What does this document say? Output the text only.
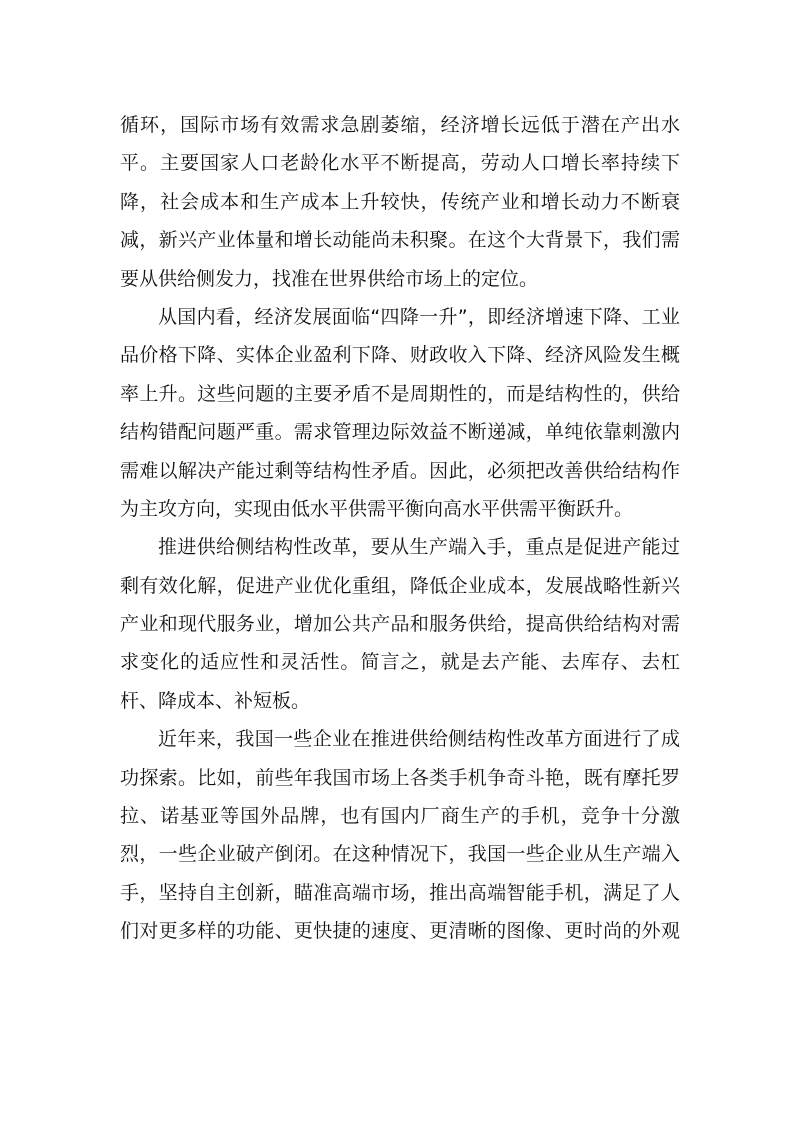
循环，国际市场有效需求急剧萎缩，经济增长远低于潜在产出水
平。主要国家人口老龄化水平不断提高，劳动人口增长率持续下
降，社会成本和生产成本上升较快，传统产业和增长动力不断衰
减，新兴产业体量和增长动能尚未积聚。在这个大背景下，我们需
要从供给侧发力，找准在世界供给市场上的定位。
从国内看，经济发展面临“四降一升”，即经济增速下降、工业
品价格下降、实体企业盈利下降、财政收入下降、经济风险发生概
率上升。这些问题的主要矛盾不是周期性的，而是结构性的，供给
结构错配问题严重。需求管理边际效益不断递减，单纯依靠刺激内
需难以解决产能过剩等结构性矛盾。因此，必须把改善供给结构作
为主攻方向，实现由低水平供需平衡向高水平供需平衡跃升。
推进供给侧结构性改革，要从生产端入手，重点是促进产能过
剩有效化解，促进产业优化重组，降低企业成本，发展战略性新兴
产业和现代服务业，增加公共产品和服务供给，提高供给结构对需
求变化的适应性和灵活性。简言之，就是去产能、去库存、去杠
杆、降成本、补短板。
近年来，我国一些企业在推进供给侧结构性改革方面进行了成
功探索。比如，前些年我国市场上各类手机争奇斗艳，既有摩托罗
拉、诺基亚等国外品牌，也有国内厂商生产的手机，竞争十分激
烈，一些企业破产倒闭。在这种情况下，我国一些企业从生产端入
手，坚持自主创新，瞄准高端市场，推出高端智能手机，满足了人
们对更多样的功能、更快捷的速度、更清晰的图像、更时尚的外观
